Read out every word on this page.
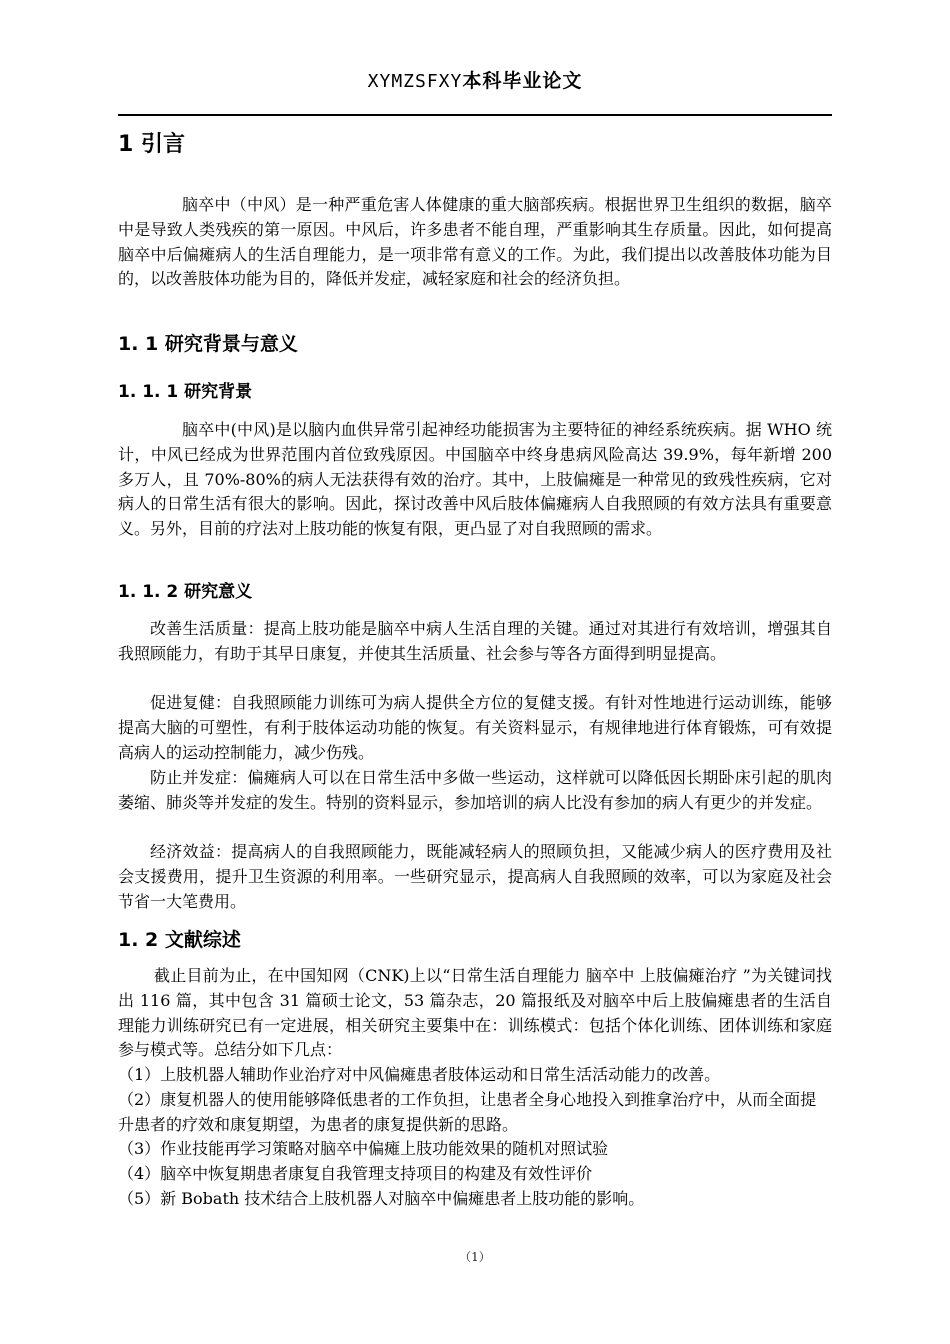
XYMZSFXY本科毕业论文
1 引言

脑卒中（中风）是一种严重危害人体健康的重大脑部疾病。根据世界卫生组织的数据，脑卒中是导致人类残疾的第一原因。中风后，许多患者不能自理，严重影响其生存质量。因此，如何提高脑卒中后偏瘫病人的生活自理能力，是一项非常有意义的工作。为此，我们提出以改善肢体功能为目的，以改善肢体功能为目的，降低并发症，减轻家庭和社会的经济负担。

1. 1 研究背景与意义
1. 1. 1 研究背景

脑卒中(中风)是以脑内血供异常引起神经功能损害为主要特征的神经系统疾病。据 WHO 统计，中风已经成为世界范围内首位致残原因。中国脑卒中终身患病风险高达 39.9%，每年新增 200 多万人，且 70%-80%的病人无法获得有效的治疗。其中，上肢偏瘫是一种常见的致残性疾病，它对病人的日常生活有很大的影响。因此，探讨改善中风后肢体偏瘫病人自我照顾的有效方法具有重要意义。另外，目前的疗法对上肢功能的恢复有限，更凸显了对自我照顾的需求。

1. 1. 2 研究意义

改善生活质量：提高上肢功能是脑卒中病人生活自理的关键。通过对其进行有效培训，增强其自我照顾能力，有助于其早日康复，并使其生活质量、社会参与等各方面得到明显提高。

促进复健：自我照顾能力训练可为病人提供全方位的复健支援。有针对性地进行运动训练，能够提高大脑的可塑性，有利于肢体运动功能的恢复。有关资料显示，有规律地进行体育锻炼，可有效提高病人的运动控制能力，减少伤残。

防止并发症：偏瘫病人可以在日常生活中多做一些运动，这样就可以降低因长期卧床引起的肌肉萎缩、肺炎等并发症的发生。特别的资料显示，参加培训的病人比没有参加的病人有更少的并发症。

经济效益：提高病人的自我照顾能力，既能减轻病人的照顾负担，又能减少病人的医疗费用及社会支援费用，提升卫生资源的利用率。一些研究显示，提高病人自我照顾的效率，可以为家庭及社会节省一大笔费用。

1. 2 文献综述

截止目前为止，在中国知网（CNK)上以“日常生活自理能力 脑卒中 上肢偏瘫治疗 ”为关键词找出 116 篇，其中包含 31 篇硕士论文，53 篇杂志，20 篇报纸及对脑卒中后上肢偏瘫患者的生活自理能力训练研究已有一定进展，相关研究主要集中在：训练模式：包括个体化训练、团体训练和家庭参与模式等。总结分如下几点：

（1）上肢机器人辅助作业治疗对中风偏瘫患者肢体运动和日常生活活动能力的改善。
（2）康复机器人的使用能够降低患者的工作负担，让患者全身心地投入到推拿治疗中，从而全面提升患者的疗效和康复期望，为患者的康复提供新的思路。
（3）作业技能再学习策略对脑卒中偏瘫上肢功能效果的随机对照试验
（4）脑卒中恢复期患者康复自我管理支持项目的构建及有效性评价
（5）新 Bobath 技术结合上肢机器人对脑卒中偏瘫患者上肢功能的影响。
（1）
